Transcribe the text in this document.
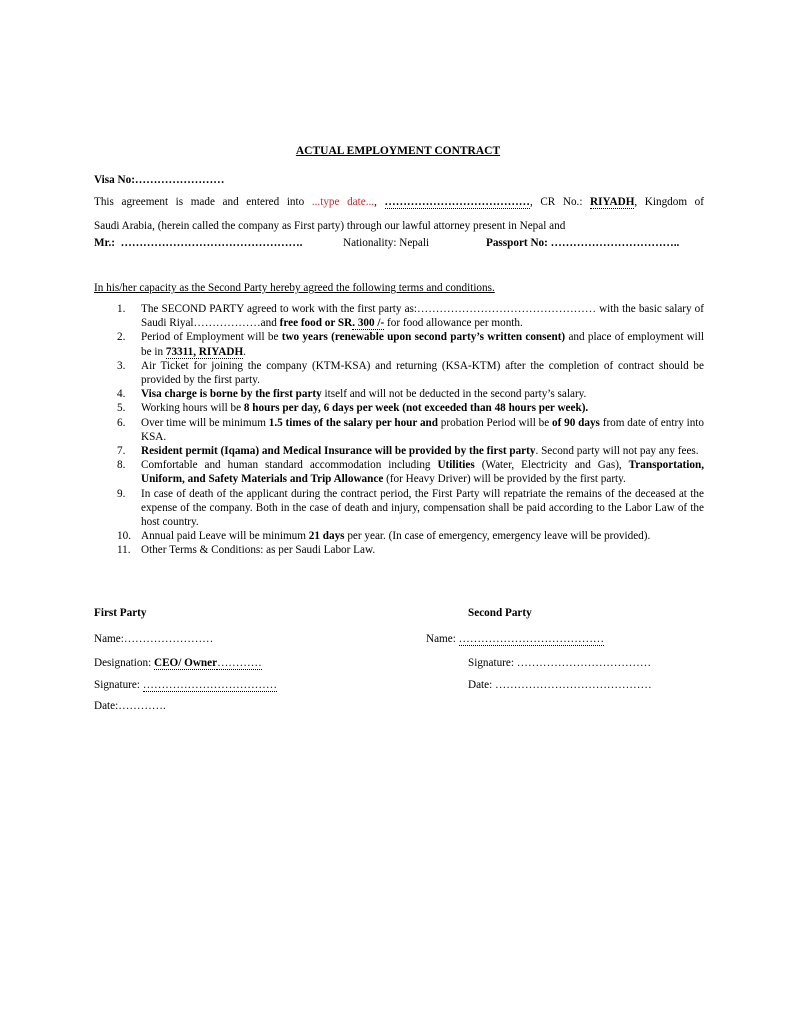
ACTUAL EMPLOYMENT CONTRACT
Visa No:……………………
This agreement is made and entered into ...type date..., …………………………………, CR No.: RIYADH, Kingdom of
Saudi Arabia, (herein called the company as First party) through our lawful attorney present in Nepal and
Mr.: ………………………………………….	Nationality: Nepali	Passport No: ……………………………..
In his/her capacity as the Second Party hereby agreed the following terms and conditions.
1. The SECOND PARTY agreed to work with the first party as:………………………………………… with the basic salary of Saudi Riyal………………and free food or SR. 300 /- for food allowance per month.
2. Period of Employment will be two years (renewable upon second party’s written consent) and place of employment will be in 73311, RIYADH.
3. Air Ticket for joining the company (KTM-KSA) and returning (KSA-KTM) after the completion of contract should be provided by the first party.
4. Visa charge is borne by the first party itself and will not be deducted in the second party’s salary.
5. Working hours will be 8 hours per day, 6 days per week (not exceeded than 48 hours per week).
6. Over time will be minimum 1.5 times of the salary per hour and probation Period will be of 90 days from date of entry into KSA.
7. Resident permit (Iqama) and Medical Insurance will be provided by the first party. Second party will not pay any fees.
8. Comfortable and human standard accommodation including Utilities (Water, Electricity and Gas), Transportation, Uniform, and Safety Materials and Trip Allowance (for Heavy Driver) will be provided by the first party.
9. In case of death of the applicant during the contract period, the First Party will repatriate the remains of the deceased at the expense of the company. Both in the case of death and injury, compensation shall be paid according to the Labor Law of the host country.
10. Annual paid Leave will be minimum 21 days per year. (In case of emergency, emergency leave will be provided).
11. Other Terms & Conditions: as per Saudi Labor Law.
First Party	Second Party
Name:……………………	Name: …………………………………
Designation: CEO/ Owner…………	Signature: ………………………………
Signature: ………………………………	Date: ……………………………………
Date:………….
